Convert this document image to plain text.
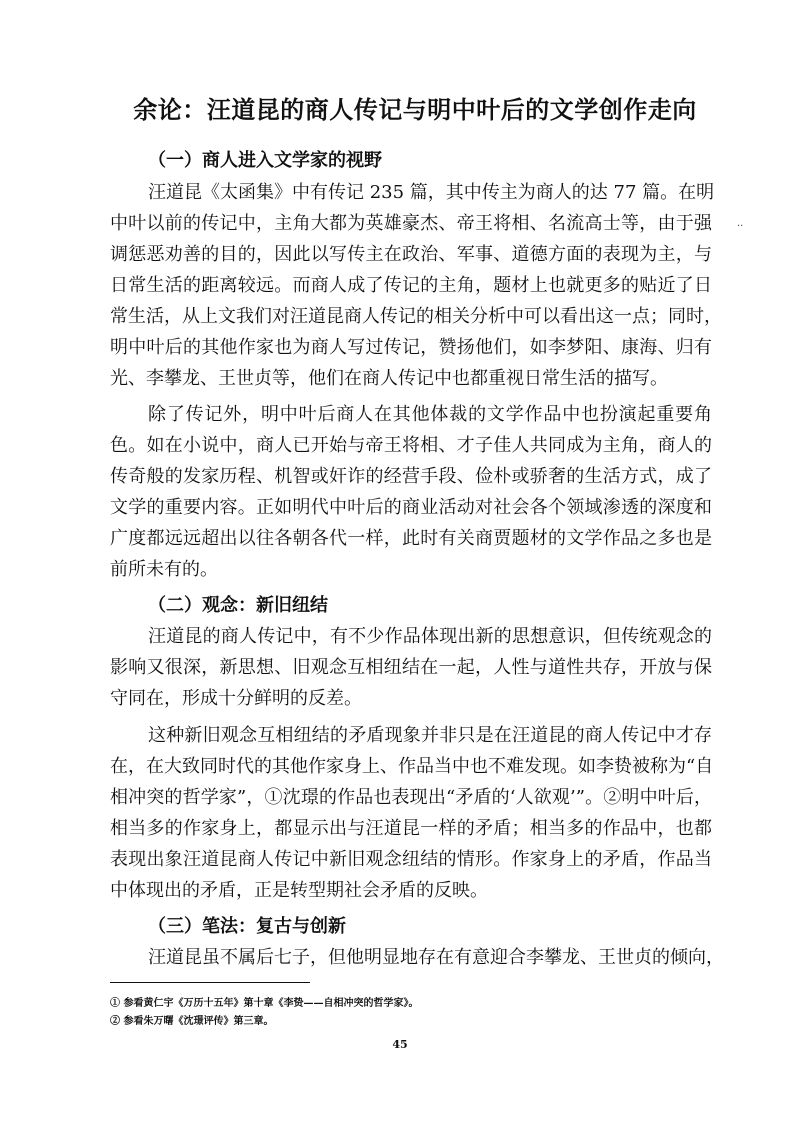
余论：汪道昆的商人传记与明中叶后的文学创作走向
（一）商人进入文学家的视野
汪道昆《太函集》中有传记 235 篇，其中传主为商人的达 77 篇。在明
中叶以前的传记中，主角大都为英雄豪杰、帝王将相、名流高士等，由于强
调惩恶劝善的目的，因此以写传主在政治、军事、道德方面的表现为主，与
日常生活的距离较远。而商人成了传记的主角，题材上也就更多的贴近了日
常生活，从上文我们对汪道昆商人传记的相关分析中可以看出这一点；同时，
明中叶后的其他作家也为商人写过传记，赞扬他们，如李梦阳、康海、归有
光、李攀龙、王世贞等，他们在商人传记中也都重视日常生活的描写。
除了传记外，明中叶后商人在其他体裁的文学作品中也扮演起重要角
色。如在小说中，商人已开始与帝王将相、才子佳人共同成为主角，商人的
传奇般的发家历程、机智或奸诈的经营手段、俭朴或骄奢的生活方式，成了
文学的重要内容。正如明代中叶后的商业活动对社会各个领域渗透的深度和
广度都远远超出以往各朝各代一样，此时有关商贾题材的文学作品之多也是
前所未有的。
（二）观念：新旧纽结
汪道昆的商人传记中，有不少作品体现出新的思想意识，但传统观念的
影响又很深，新思想、旧观念互相纽结在一起，人性与道性共存，开放与保
守同在，形成十分鲜明的反差。
这种新旧观念互相纽结的矛盾现象并非只是在汪道昆的商人传记中才存
在，在大致同时代的其他作家身上、作品当中也不难发现。如李贽被称为“自
相冲突的哲学家”，①沈璟的作品也表现出“矛盾的‘人欲观’”。②明中叶后，
相当多的作家身上，都显示出与汪道昆一样的矛盾；相当多的作品中，也都
表现出象汪道昆商人传记中新旧观念纽结的情形。作家身上的矛盾，作品当
中体现出的矛盾，正是转型期社会矛盾的反映。
（三）笔法：复古与创新
汪道昆虽不属后七子，但他明显地存在有意迎合李攀龙、王世贞的倾向，
① 参看黄仁宇《万历十五年》第十章《李贽——自相冲突的哲学家》。
② 参看朱万曙《沈璟评传》第三章。
45
··
